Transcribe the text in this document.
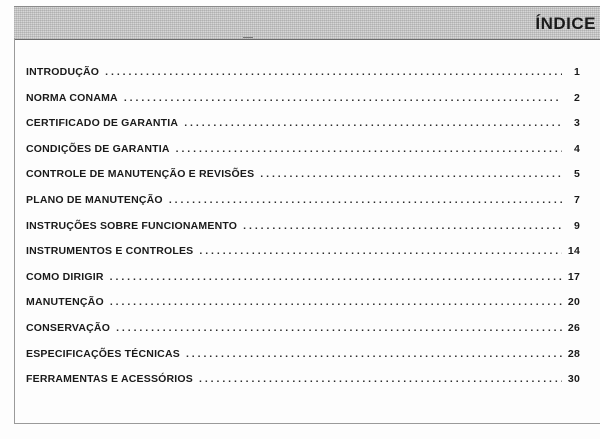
ÍNDICE
INTRODUÇÃO . . .	1
NORMA CONAMA . . .	2
CERTIFICADO DE GARANTIA . . .	3
CONDIÇÕES DE GARANTIA . . .	4
CONTROLE DE MANUTENÇÃO E REVISÕES . . .	5
PLANO DE MANUTENÇÃO . . .	7
INSTRUÇÕES SOBRE FUNCIONAMENTO . . .	9
INSTRUMENTOS E CONTROLES . . .	14
COMO DIRIGIR . . .	17
MANUTENÇÃO . . .	20
CONSERVAÇÃO . . .	26
ESPECIFICAÇÕES TÉCNICAS . . .	28
FERRAMENTAS E ACESSÓRIOS . . .	30
